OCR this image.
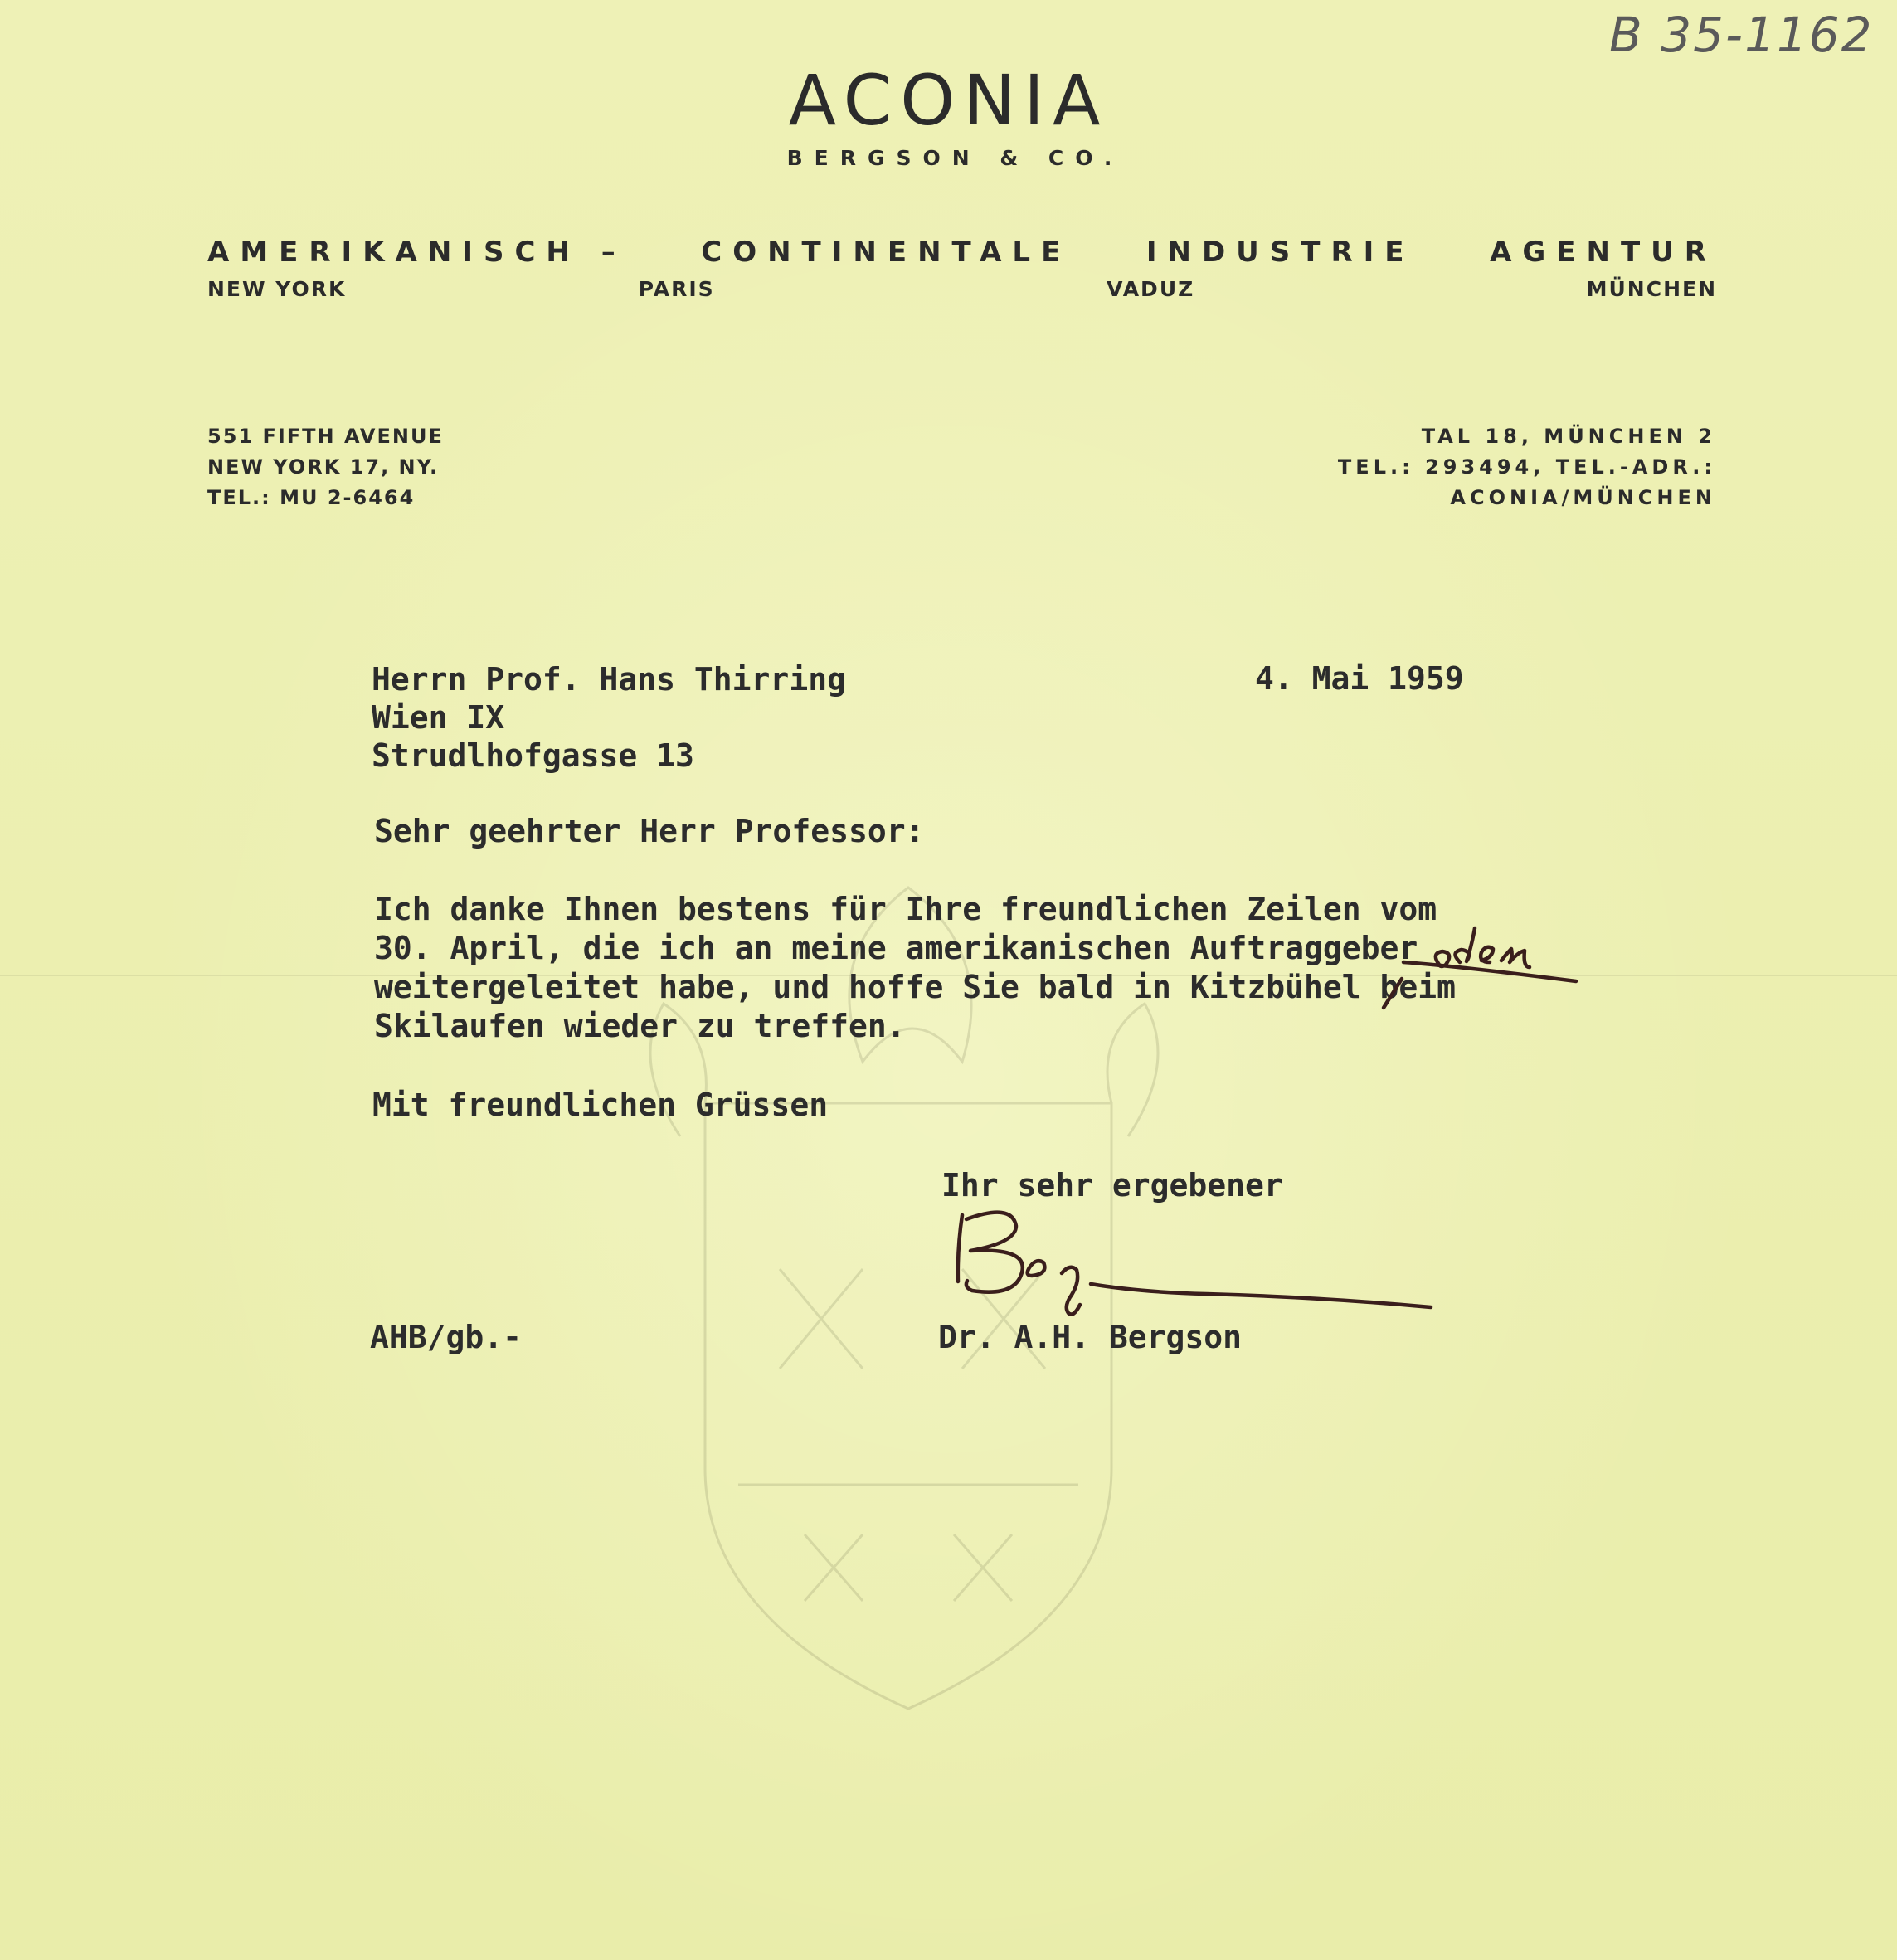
B 35-1162
ACONIA
BERGSON & CO.
AMERIKANISCH –	CONTINENTALE	INDUSTRIE	AGENTUR
NEW YORK	PARIS	VADUZ	MÜNCHEN
551 FIFTH AVENUE
NEW YORK 17, NY.
TEL.: MU 2-6464
TAL 18, MÜNCHEN 2
TEL.: 293494, TEL.-ADR.:
ACONIA/MÜNCHEN
Herrn Prof. Hans Thirring
Wien IX
Strudlhofgasse 13
4. Mai 1959
Sehr geehrter Herr Professor:
Ich danke Ihnen bestens für Ihre freundlichen Zeilen vom
30. April, die ich an meine amerikanischen Auftraggeber
weitergeleitet habe, und hoffe Sie bald in Kitzbühel beim
Skilaufen wieder zu treffen.
Mit freundlichen Grüssen
Ihr sehr ergebener
AHB/gb.-	Dr. A.H. Bergson
